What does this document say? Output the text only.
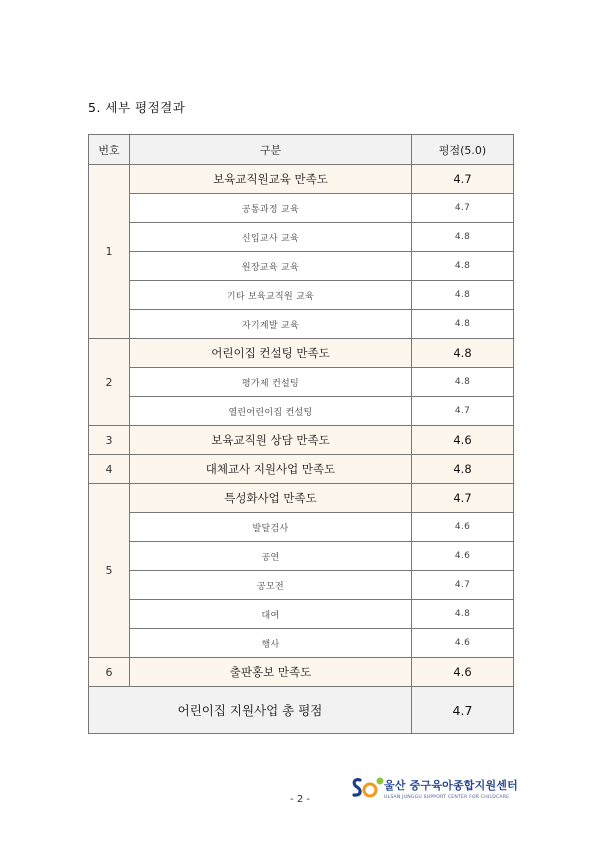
5. 세부 평점결과
번호	구분	평점(5.0)
1	보육교직원교육 만족도	4.7
	공통과정 교육	4.7
	신입교사 교육	4.8
	원장교육 교육	4.8
	기타 보육교직원 교육	4.8
	자기계발 교육	4.8
2	어린이집 컨설팅 만족도	4.8
	평가제 컨설팅	4.8
	열린어린이집 컨설팅	4.7
3	보육교직원 상담 만족도	4.6
4	대체교사 지원사업 만족도	4.8
5	특성화사업 만족도	4.7
	발달검사	4.6
	공연	4.6
	공모전	4.7
	대여	4.8
	행사	4.6
6	출판홍보 만족도	4.6
어린이집 지원사업 총 평점		4.7
울산 중구육아종합지원센터
ULSAN JUNGGU SUPPORT CENTER FOR CHILDCARE
- 2 -
